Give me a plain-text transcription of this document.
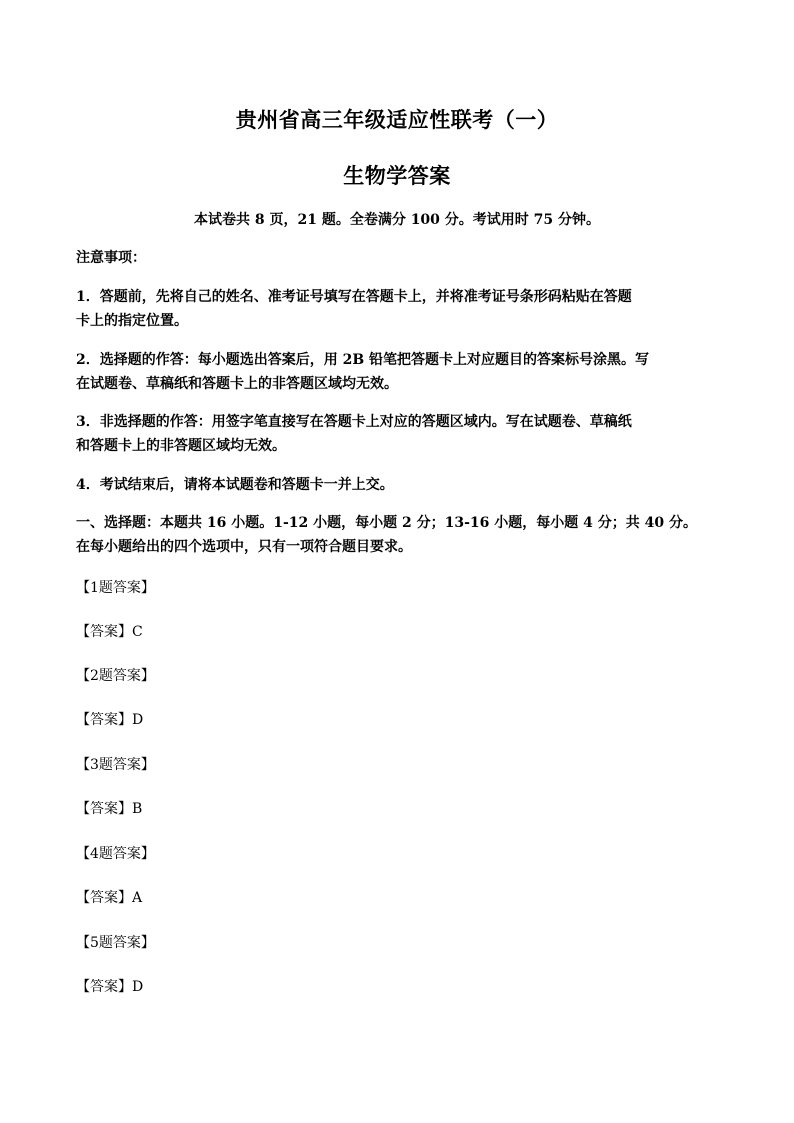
贵州省高三年级适应性联考（一）
生物学答案
本试卷共 8 页，21 题。全卷满分 100 分。考试用时 75 分钟。
注意事项：
1．答题前，先将自己的姓名、准考证号填写在答题卡上，并将准考证号条形码粘贴在答题
卡上的指定位置。
2．选择题的作答：每小题选出答案后，用 2B 铅笔把答题卡上对应题目的答案标号涂黑。写
在试题卷、草稿纸和答题卡上的非答题区域均无效。
3．非选择题的作答：用签字笔直接写在答题卡上对应的答题区域内。写在试题卷、草稿纸
和答题卡上的非答题区域均无效。
4．考试结束后，请将本试题卷和答题卡一并上交。
一、选择题：本题共 16 小题。1-12 小题，每小题 2 分；13-16 小题，每小题 4 分；共 40 分。
在每小题给出的四个选项中，只有一项符合题目要求。
【1题答案】
【答案】C
【2题答案】
【答案】D
【3题答案】
【答案】B
【4题答案】
【答案】A
【5题答案】
【答案】D
